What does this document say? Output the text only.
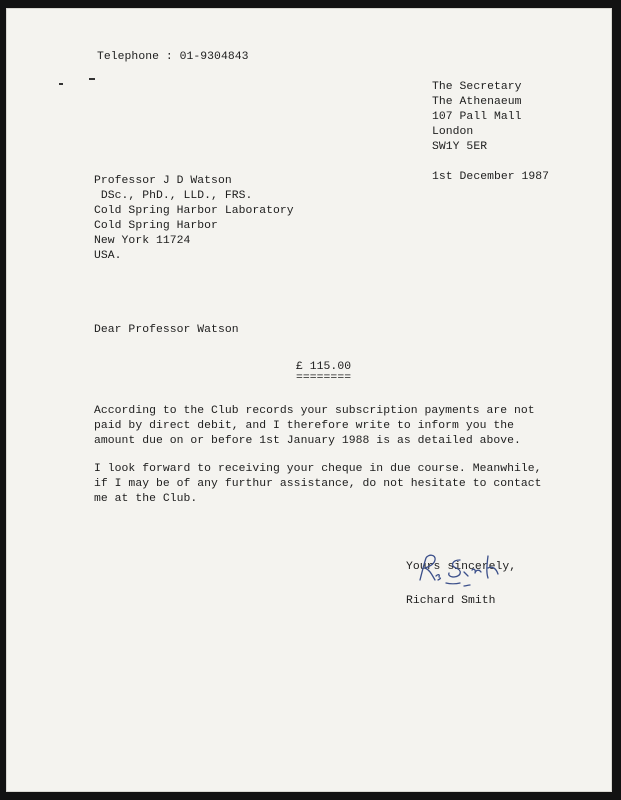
Telephone : 01-9304843
The Secretary
The Athenaeum
107 Pall Mall
London
SW1Y 5ER
1st December 1987
Professor J D Watson
DSc., PhD., LLD., FRS.
Cold Spring Harbor Laboratory
Cold Spring Harbor
New York 11724
USA.
Dear Professor Watson
£ 115.00
========
According to the Club records your subscription payments are not
paid by direct debit, and I therefore write to inform you the
amount due on or before 1st January 1988 is as detailed above.
I look forward to receiving your cheque in due course. Meanwhile,
if I may be of any furthur assistance, do not hesitate to contact
me at the Club.
Yours sincerely,
Richard Smith
